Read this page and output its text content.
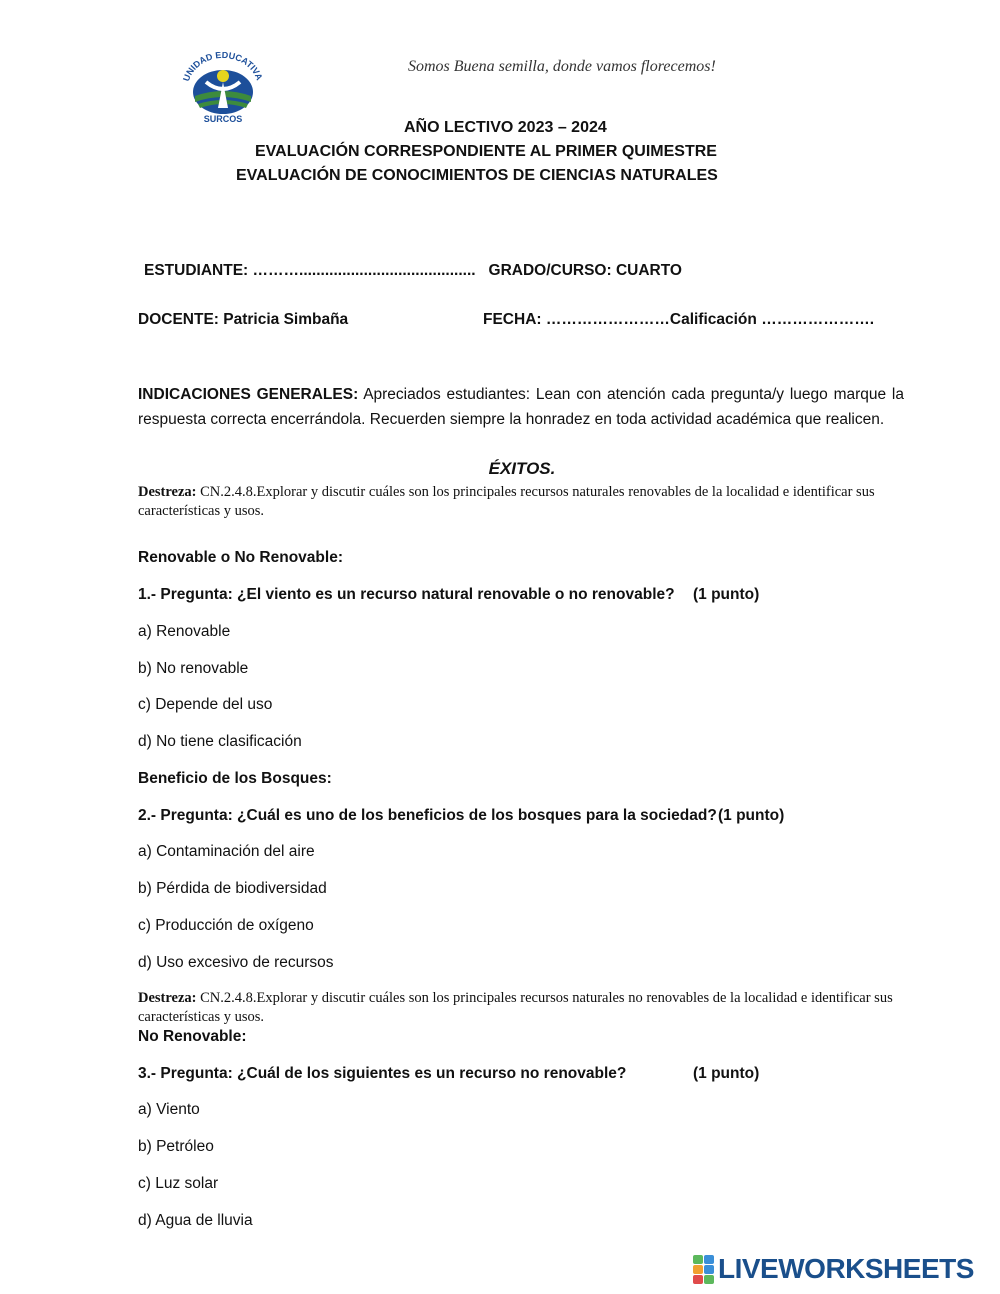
UNIDAD EDUCATIVA
SURCOS
Somos Buena semilla, donde vamos florecemos!
AÑO LECTIVO 2023 – 2024
EVALUACIÓN CORRESPONDIENTE AL PRIMER QUIMESTRE
EVALUACIÓN DE CONOCIMIENTOS DE CIENCIAS NATURALES
ESTUDIANTE: ………......................................... GRADO/CURSO: CUARTO
DOCENTE: Patricia Simbaña	FECHA: ……………………Calificación ………………….
INDICACIONES GENERALES: Apreciados estudiantes: Lean con atención cada pregunta/y luego marque la respuesta correcta encerrándola. Recuerden siempre la honradez en toda actividad académica que realicen.
ÉXITOS.
Destreza: CN.2.4.8.Explorar y discutir cuáles son los principales recursos naturales renovables de la localidad e identificar sus características y usos.
Renovable o No Renovable:
1.- Pregunta: ¿El viento es un recurso natural renovable o no renovable? (1 punto)
a) Renovable
b) No renovable
c) Depende del uso
d) No tiene clasificación
Beneficio de los Bosques:
2.- Pregunta: ¿Cuál es uno de los beneficios de los bosques para la sociedad? (1 punto)
a) Contaminación del aire
b) Pérdida de biodiversidad
c) Producción de oxígeno
d) Uso excesivo de recursos
Destreza: CN.2.4.8.Explorar y discutir cuáles son los principales recursos naturales no renovables de la localidad e identificar sus características y usos.
No Renovable:
3.- Pregunta: ¿Cuál de los siguientes es un recurso no renovable?	(1 punto)
a) Viento
b) Petróleo
c) Luz solar
d) Agua de lluvia
LIVEWORKSHEETS
